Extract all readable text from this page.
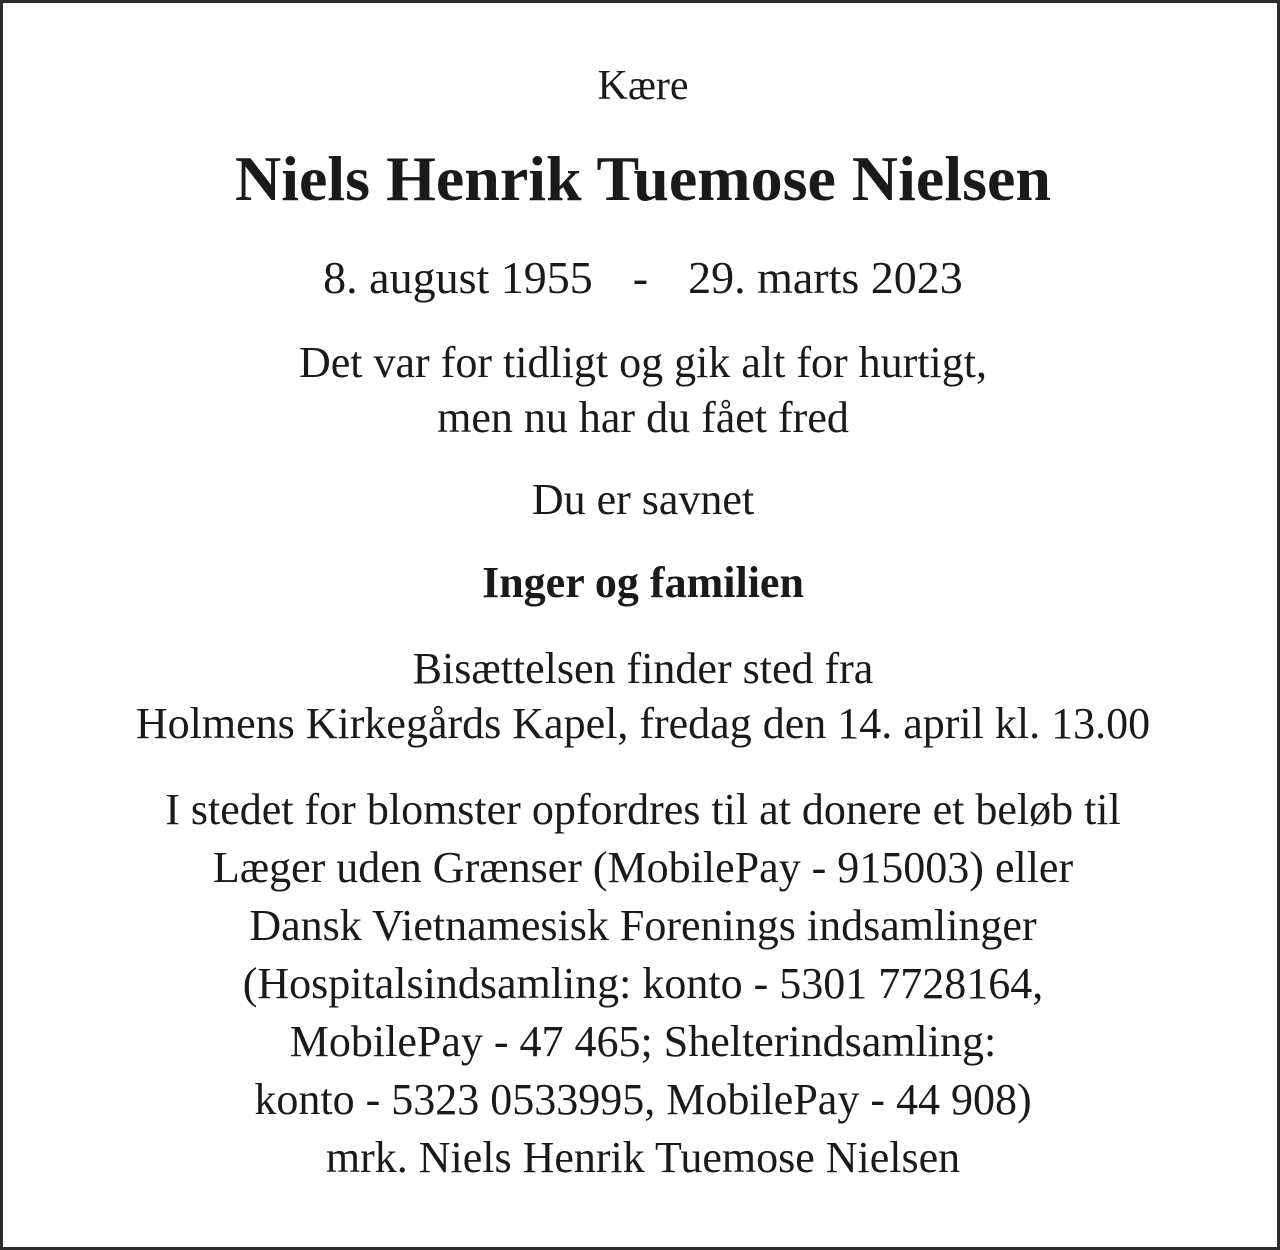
Kære

Niels Henrik Tuemose Nielsen

8. august 1955 - 29. marts 2023

Det var for tidligt og gik alt for hurtigt,

men nu har du fået fred

Du er savnet

Inger og familien

Bisættelsen finder sted fra

Holmens Kirkegårds Kapel, fredag den 14. april kl. 13.00

I stedet for blomster opfordres til at donere et beløb til

Læger uden Grænser (MobilePay - 915003) eller

Dansk Vietnamesisk Forenings indsamlinger

(Hospitalsindsamling: konto - 5301 7728164,

MobilePay - 47 465; Shelterindsamling:

konto - 5323 0533995, MobilePay - 44 908)

mrk. Niels Henrik Tuemose Nielsen
